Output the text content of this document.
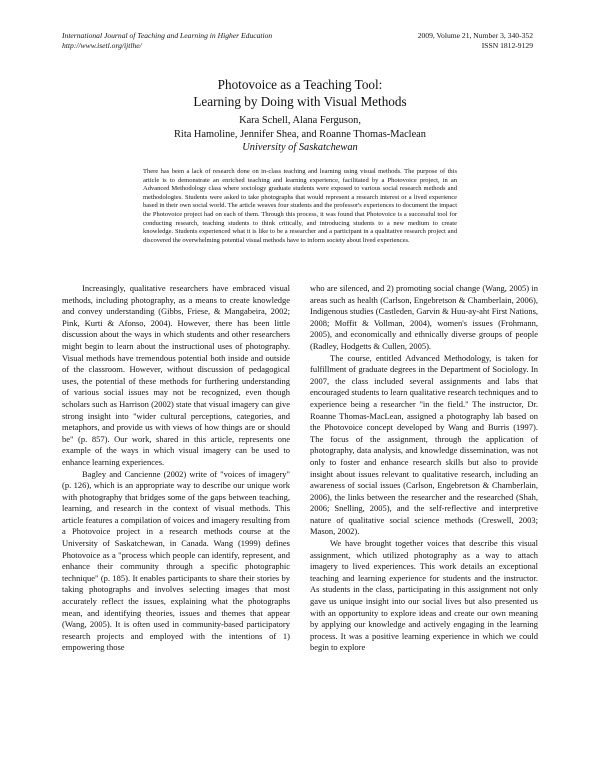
International Journal of Teaching and Learning in Higher Education
http://www.isetl.org/ijtlhe/
2009, Volume 21, Number 3, 340-352
ISSN 1812-9129
Photovoice as a Teaching Tool:
Learning by Doing with Visual Methods
Kara Schell, Alana Ferguson,
Rita Hamoline, Jennifer Shea, and Roanne Thomas-Maclean
University of Saskatchewan
There has been a lack of research done on in-class teaching and learning using visual methods. The purpose of this article is to demonstrate an enriched teaching and learning experience, facilitated by a Photovoice project, in an Advanced Methodology class where sociology graduate students were exposed to various social research methods and methodologies. Students were asked to take photographs that would represent a research interest or a lived experience based in their own social world. The article weaves four students and the professor's experiences to document the impact the Photovoice project had on each of them. Through this process, it was found that Photovoice is a successful tool for conducting research, teaching students to think critically, and introducing students to a new medium to create knowledge. Students experienced what it is like to be a researcher and a participant in a qualitative research project and discovered the overwhelming potential visual methods have to inform society about lived experiences.

Increasingly, qualitative researchers have embraced visual methods, including photography, as a means to create knowledge and convey understanding (Gibbs, Friese, & Mangabeira, 2002; Pink, Kurti & Afonso, 2004). However, there has been little discussion about the ways in which students and other researchers might begin to learn about the instructional uses of photography. Visual methods have tremendous potential both inside and outside of the classroom. However, without discussion of pedagogical uses, the potential of these methods for furthering understanding of various social issues may not be recognized, even though scholars such as Harrison (2002) state that visual imagery can give strong insight into "wider cultural perceptions, categories, and metaphors, and provide us with views of how things are or should be" (p. 857). Our work, shared in this article, represents one example of the ways in which visual imagery can be used to enhance learning experiences.

Bagley and Cancienne (2002) write of "voices of imagery" (p. 126), which is an appropriate way to describe our unique work with photography that bridges some of the gaps between teaching, learning, and research in the context of visual methods. This article features a compilation of voices and imagery resulting from a Photovoice project in a research methods course at the University of Saskatchewan, in Canada. Wang (1999) defines Photovoice as a "process which people can identify, represent, and enhance their community through a specific photographic technique" (p. 185). It enables participants to share their stories by taking photographs and involves selecting images that most accurately reflect the issues, explaining what the photographs mean, and identifying theories, issues and themes that appear (Wang, 2005). It is often used in community-based participatory research projects and employed with the intentions of 1) empowering those

who are silenced, and 2) promoting social change (Wang, 2005) in areas such as health (Carlson, Engebretson & Chamberlain, 2006), Indigenous studies (Castleden, Garvin & Huu-ay-aht First Nations, 2008; Moffit & Vollman, 2004), women's issues (Frohmann, 2005), and economically and ethnically diverse groups of people (Radley, Hodgetts & Cullen, 2005).

The course, entitled Advanced Methodology, is taken for fulfillment of graduate degrees in the Department of Sociology. In 2007, the class included several assignments and labs that encouraged students to learn qualitative research techniques and to experience being a researcher "in the field." The instructor, Dr. Roanne Thomas-MacLean, assigned a photography lab based on the Photovoice concept developed by Wang and Burris (1997). The focus of the assignment, through the application of photography, data analysis, and knowledge dissemination, was not only to foster and enhance research skills but also to provide insight about issues relevant to qualitative research, including an awareness of social issues (Carlson, Engebretson & Chamberlain, 2006), the links between the researcher and the researched (Shah, 2006; Snelling, 2005), and the self-reflective and interpretive nature of qualitative social science methods (Creswell, 2003; Mason, 2002).

We have brought together voices that describe this visual assignment, which utilized photography as a way to attach imagery to lived experiences. This work details an exceptional teaching and learning experience for students and the instructor. As students in the class, participating in this assignment not only gave us unique insight into our social lives but also presented us with an opportunity to explore ideas and create our own meaning by applying our knowledge and actively engaging in the learning process. It was a positive learning experience in which we could begin to explore
